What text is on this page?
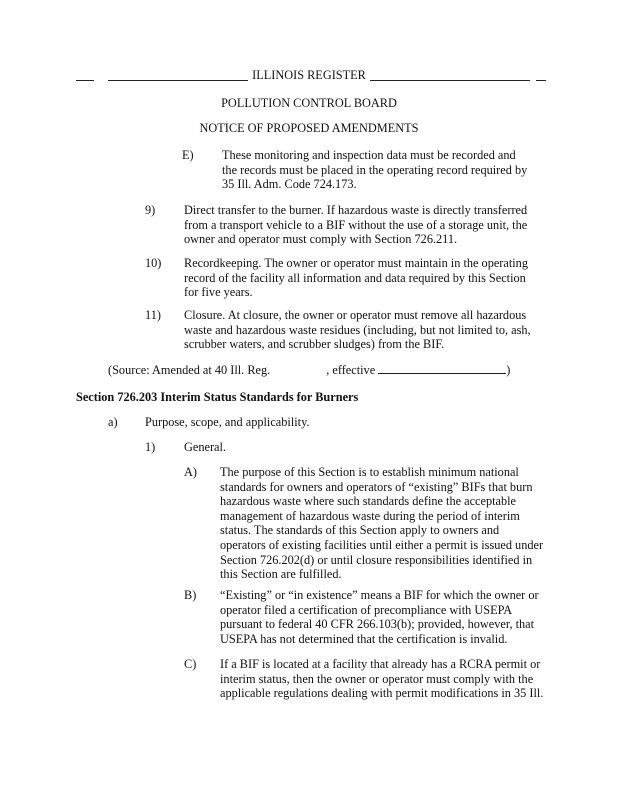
ILLINOIS REGISTER
POLLUTION CONTROL BOARD
NOTICE OF PROPOSED AMENDMENTS
E) These monitoring and inspection data must be recorded and the records must be placed in the operating record required by 35 Ill. Adm. Code 724.173.
9) Direct transfer to the burner. If hazardous waste is directly transferred from a transport vehicle to a BIF without the use of a storage unit, the owner and operator must comply with Section 726.211.
10) Recordkeeping. The owner or operator must maintain in the operating record of the facility all information and data required by this Section for five years.
11) Closure. At closure, the owner or operator must remove all hazardous waste and hazardous waste residues (including, but not limited to, ash, scrubber waters, and scrubber sludges) from the BIF.
(Source: Amended at 40 Ill. Reg.	, effective	)
Section 726.203 Interim Status Standards for Burners
a) Purpose, scope, and applicability.
1) General.
A) The purpose of this Section is to establish minimum national standards for owners and operators of “existing” BIFs that burn hazardous waste where such standards define the acceptable management of hazardous waste during the period of interim status. The standards of this Section apply to owners and operators of existing facilities until either a permit is issued under Section 726.202(d) or until closure responsibilities identified in this Section are fulfilled.
B) “Existing” or “in existence” means a BIF for which the owner or operator filed a certification of precompliance with USEPA pursuant to federal 40 CFR 266.103(b); provided, however, that USEPA has not determined that the certification is invalid.
C) If a BIF is located at a facility that already has a RCRA permit or interim status, then the owner or operator must comply with the applicable regulations dealing with permit modifications in 35 Ill.
